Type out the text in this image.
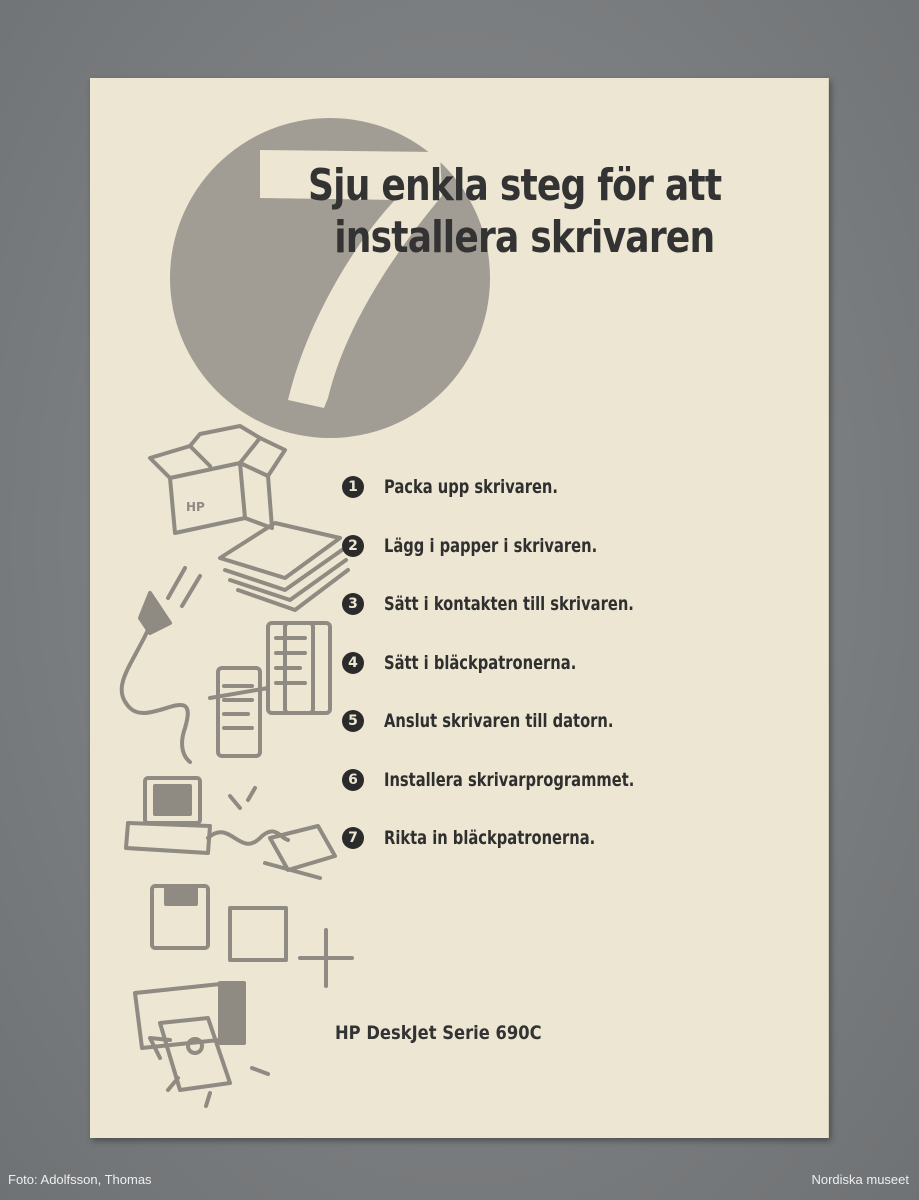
HP
Sju enkla steg för att
installera skrivaren
1	Packa upp skrivaren.
2	Lägg i papper i skrivaren.
3	Sätt i kontakten till skrivaren.
4	Sätt i bläckpatronerna.
5	Anslut skrivaren till datorn.
6	Installera skrivarprogrammet.
7	Rikta in bläckpatronerna.
HP DeskJet Serie 690C
Foto: Adolfsson, Thomas	Nordiska museet
